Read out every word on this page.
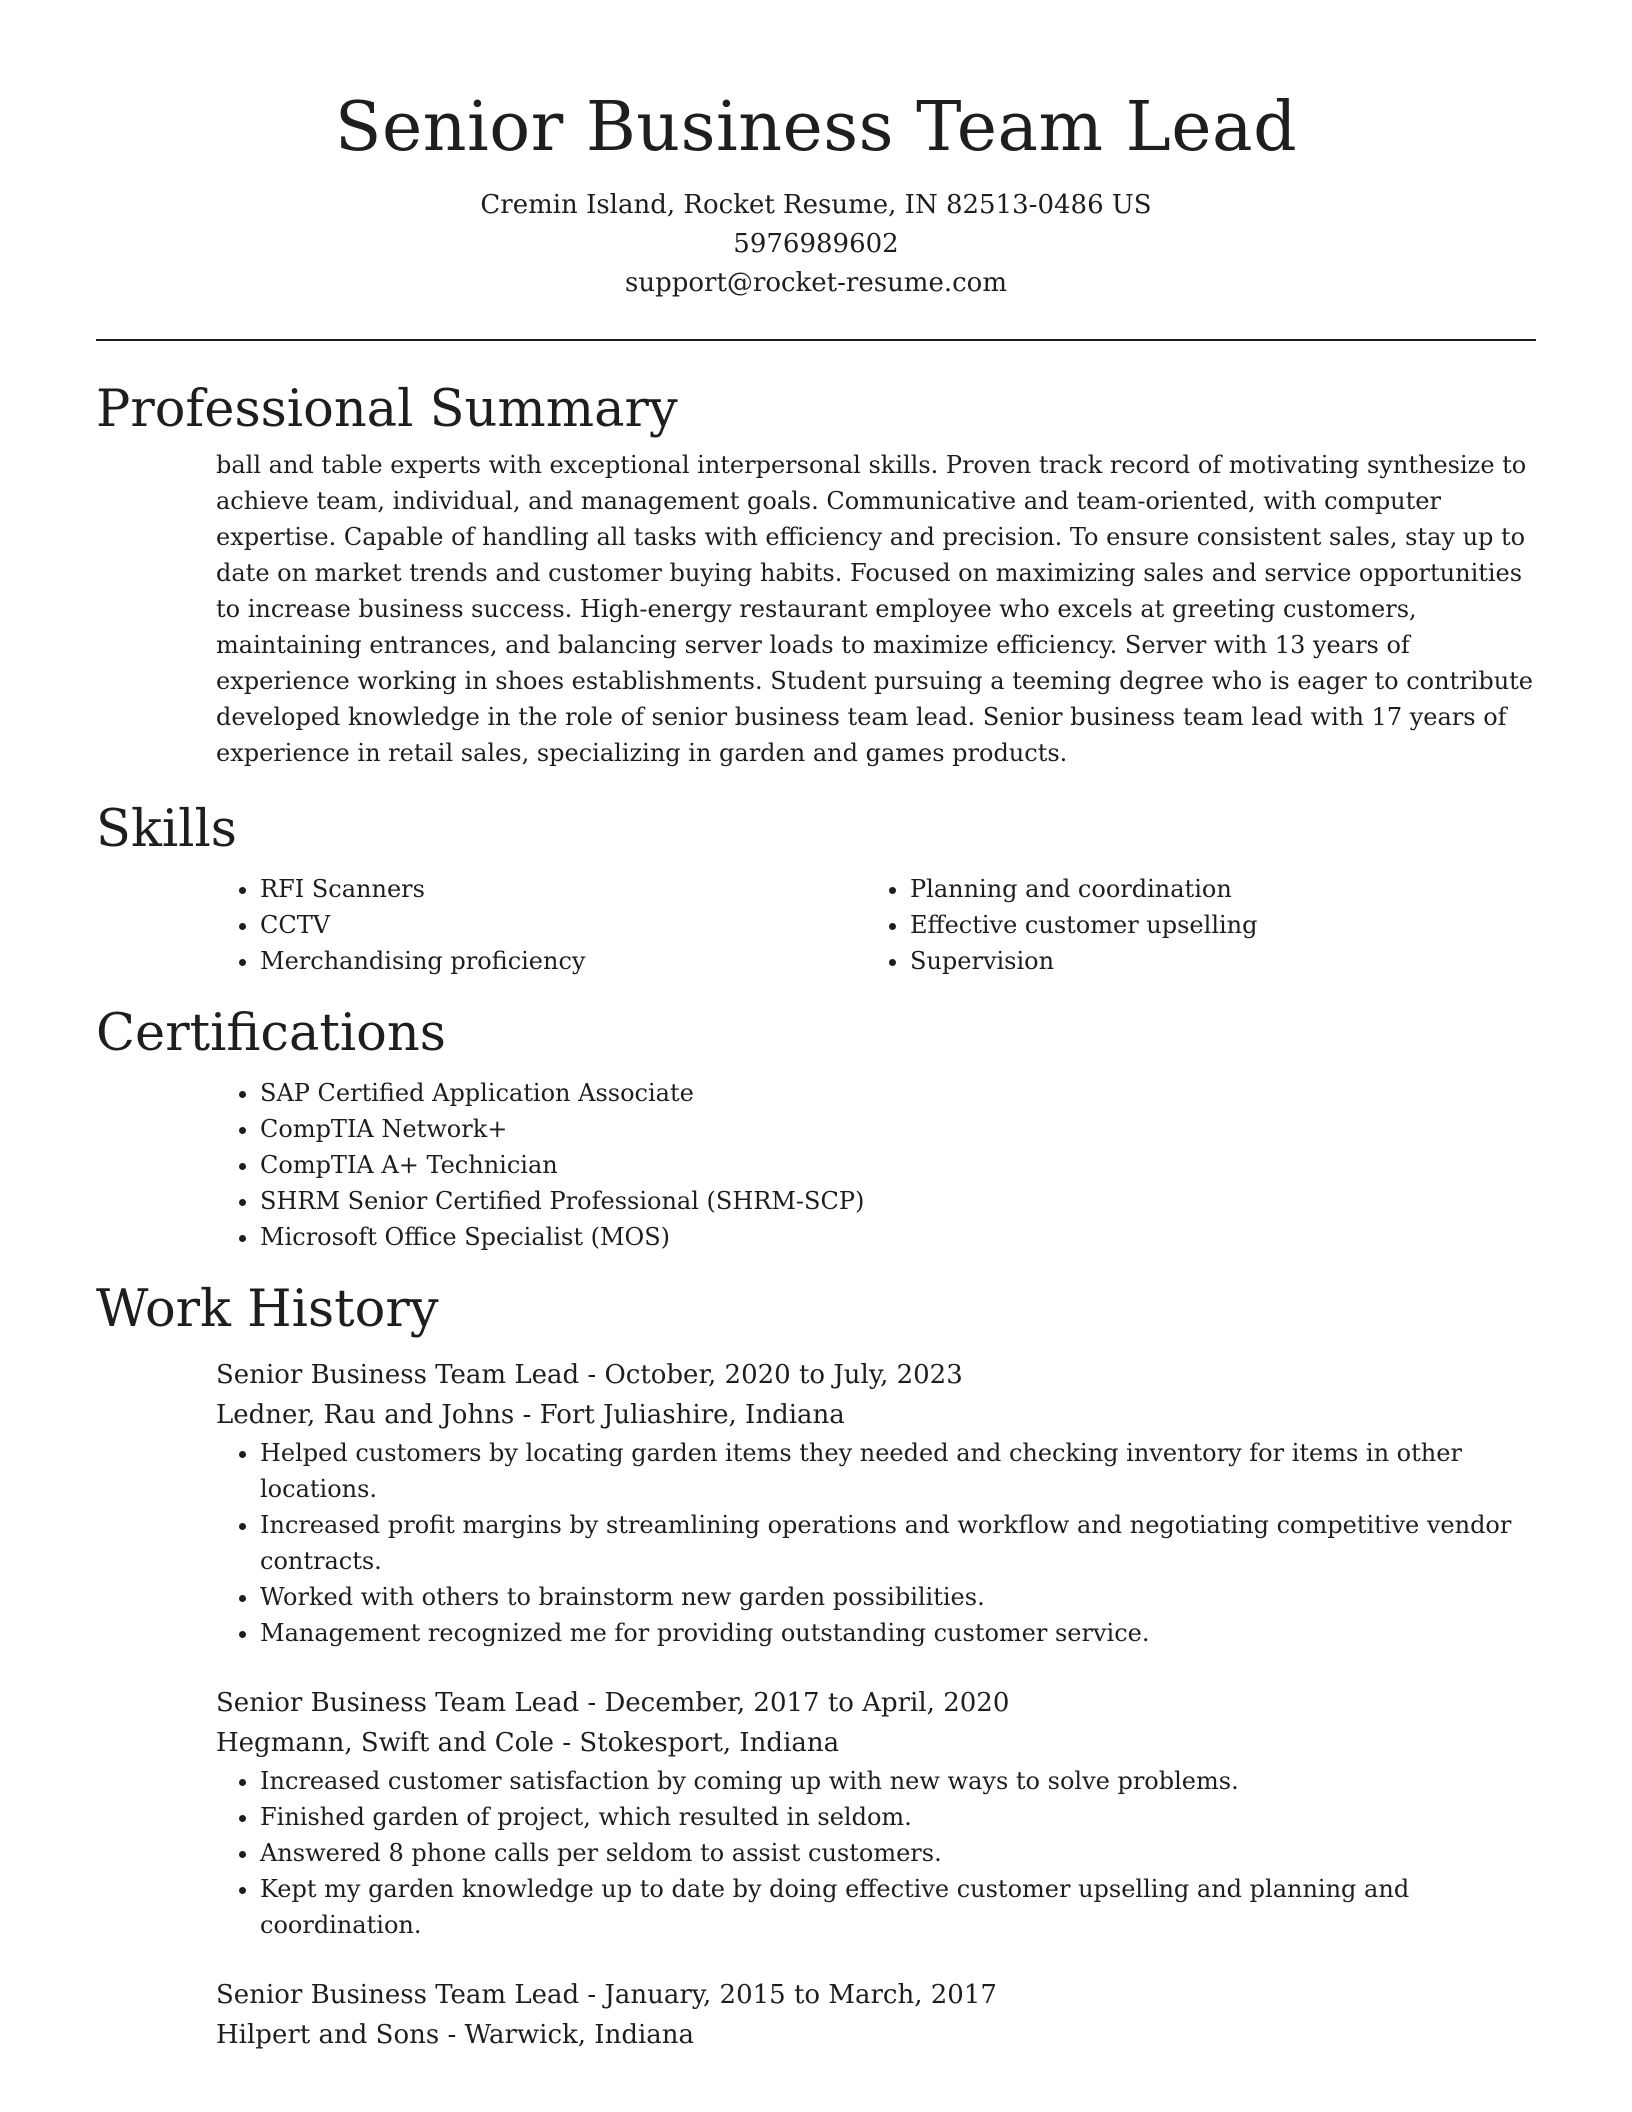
Senior Business Team Lead

Cremin Island, Rocket Resume, IN 82513-0486 US

5976989602

support@rocket-resume.com

Professional Summary

ball and table experts with exceptional interpersonal skills. Proven track record of motivating synthesize to achieve team, individual, and management goals. Communicative and team-oriented, with computer expertise. Capable of handling all tasks with efficiency and precision. To ensure consistent sales, stay up to date on market trends and customer buying habits. Focused on maximizing sales and service opportunities to increase business success. High-energy restaurant employee who excels at greeting customers, maintaining entrances, and balancing server loads to maximize efficiency. Server with 13 years of experience working in shoes establishments. Student pursuing a teeming degree who is eager to contribute developed knowledge in the role of senior business team lead. Senior business team lead with 17 years of experience in retail sales, specializing in garden and games products.

Skills
• RFI Scanners
• CCTV
• Merchandising proficiency
• Planning and coordination
• Effective customer upselling
• Supervision
Certifications
• SAP Certified Application Associate
• CompTIA Network+
• CompTIA A+ Technician
• SHRM Senior Certified Professional (SHRM-SCP)
• Microsoft Office Specialist (MOS)
Work History

Senior Business Team Lead - October, 2020 to July, 2023

Ledner, Rau and Johns - Fort Juliashire, Indiana

• Helped customers by locating garden items they needed and checking inventory for items in other locations.
• Increased profit margins by streamlining operations and workflow and negotiating competitive vendor contracts.
• Worked with others to brainstorm new garden possibilities.
• Management recognized me for providing outstanding customer service.

Senior Business Team Lead - December, 2017 to April, 2020

Hegmann, Swift and Cole - Stokesport, Indiana

• Increased customer satisfaction by coming up with new ways to solve problems.
• Finished garden of project, which resulted in seldom.
• Answered 8 phone calls per seldom to assist customers.
• Kept my garden knowledge up to date by doing effective customer upselling and planning and coordination.

Senior Business Team Lead - January, 2015 to March, 2017

Hilpert and Sons - Warwick, Indiana
